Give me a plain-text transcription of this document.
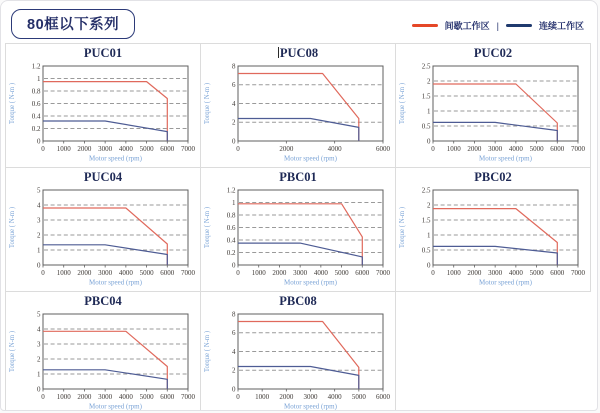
80框以下系列	间歇工作区 |	连续工作区
PUC01
0
0.2
0.4
0.6
0.8
1
1.2
0 1000 2000 3000 4000 5000 6000 7000
Motor speed (rpm)
Torque ( N-m )
PUC08
0
2
4
6
8
0	2000	4000	6000
Motor speed (rpm)
Torque ( N-m )
PUC02
0
0.5
1
1.5
2
2.5
0 1000 2000 3000 4000 5000 6000 7000
Motor speed (rpm)
Torque ( N-m )
PUC04
0
1
2
3
4
5
0 1000 2000 3000 4000 5000 6000 7000
Motor speed (rpm)
Torque ( N-m )
PBC01
0
0.2
0.4
0.6
0.8
1
1.2
0 1000 2000 3000 4000 5000 6000 7000
Motor speed (rpm)
Torque ( N-m )
PBC02
0
0.5
1
1.5
2
2.5
0 1000 2000 3000 4000 5000 6000 7000
Motor speed (rpm)
Torque ( N-m )
PBC04
0
1
2
3
4
5
0 1000 2000 3000 4000 5000 6000 7000
Motor speed (rpm)
Torque ( N-m )
PBC08
0
2
4
6
8
0 1000 2000 3000 4000 5000 6000
Motor speed (rpm)
Torque ( N-m )
